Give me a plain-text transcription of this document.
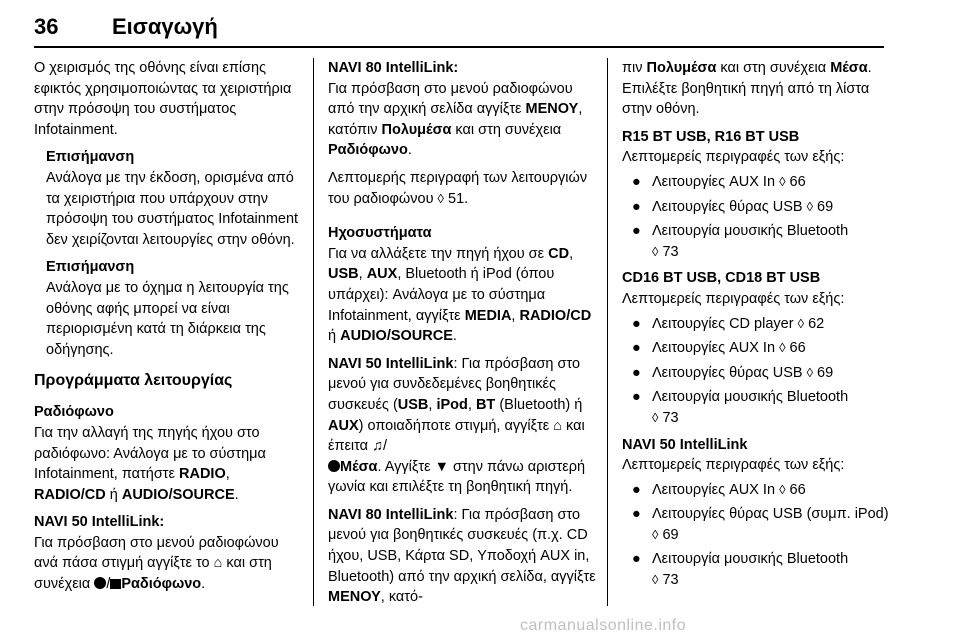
36 Εισαγωγή

Ο χειρισμός της οθόνης είναι επίσης εφικτός χρησιμοποιώντας τα χειριστήρια στην πρόσοψη του συστήματος Infotainment.

Επισήμανση

Ανάλογα με την έκδοση, ορισμένα από τα χειριστήρια που υπάρχουν στην πρόσοψη του συστήματος Infotainment δεν χειρίζονται λειτουργίες στην οθόνη.

Επισήμανση

Ανάλογα με το όχημα η λειτουργία της οθόνης αφής μπορεί να είναι περιορισμένη κατά τη διάρκεια της οδήγησης.

Προγράμματα λειτουργίας
Ραδιόφωνο

Για την αλλαγή της πηγής ήχου στο ραδιόφωνο: Ανάλογα με το σύστημα Infotainment, πατήστε RADIO, RADIO/CD ή AUDIO/SOURCE.

NAVI 50 IntelliLink:

Για πρόσβαση στο μενού ραδιοφώνου ανά πάσα στιγμή αγγίξτε το ⌂ και στη συνέχεια / Ραδιόφωνο.

NAVI 80 IntelliLink:

Για πρόσβαση στο μενού ραδιοφώνου από την αρχική σελίδα αγγίξτε ΜΕΝΟΥ, κατόπιν Πολυμέσα και στη συνέχεια Ραδιόφωνο.

Λεπτομερής περιγραφή των λειτουργιών του ραδιοφώνου ◊ 51.

Ηχοσυστήματα

Για να αλλάξετε την πηγή ήχου σε CD, USB, AUX, Bluetooth ή iPod (όπου υπάρχει): Ανάλογα με το σύστημα Infotainment, αγγίξτε MEDIA, RADIO/CD ή AUDIO/SOURCE.

NAVI 50 IntelliLink: Για πρόσβαση στο μενού για συνδεδεμένες βοηθητικές συσκευές (USB, iPod, BT (Bluetooth) ή AUX) οποιαδήποτε στιγμή, αγγίξτε ⌂ και έπειτα ♫/
Μέσα. Αγγίξτε ▼ στην πάνω αριστερή γωνία και επιλέξτε τη βοηθητική πηγή.

NAVI 80 IntelliLink: Για πρόσβαση στο μενού για βοηθητικές συσκευές (π.χ. CD ήχου, USB, Κάρτα SD, Υποδοχή AUX in, Bluetooth) από την αρχική σελίδα, αγγίξτε ΜΕΝΟΥ, κατό-

πιν Πολυμέσα και στη συνέχεια Μέσα. Επιλέξτε βοηθητική πηγή από τη λίστα στην οθόνη.

R15 BT USB, R16 BT USB
Λεπτομερείς περιγραφές των εξής:
● Λειτουργίες AUX In ◊ 66
● Λειτουργίες θύρας USB ◊ 69
● Λειτουργία μουσικής Bluetooth
◊ 73
CD16 BT USB, CD18 BT USB
Λεπτομερείς περιγραφές των εξής:
● Λειτουργίες CD player ◊ 62
● Λειτουργίες AUX In ◊ 66
● Λειτουργίες θύρας USB ◊ 69
● Λειτουργία μουσικής Bluetooth
◊ 73
NAVI 50 IntelliLink
Λεπτομερείς περιγραφές των εξής:
● Λειτουργίες AUX In ◊ 66
● Λειτουργίες θύρας USB (συμπ. iPod) ◊ 69
● Λειτουργία μουσικής Bluetooth
◊ 73
carmanualsonline.info
